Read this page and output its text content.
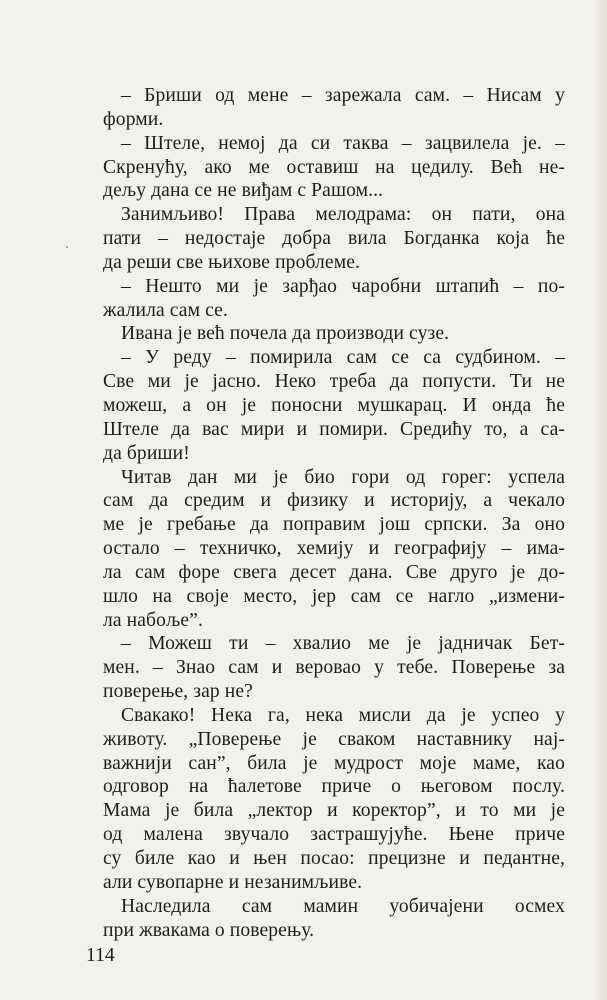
– Бриши од мене – зарежала сам. – Нисам у
форми.
– Штеле, немој да си таква – зацвилела је. –
Скренућу, ако ме оставиш на цедилу. Већ не-
дељу дана се не виђам с Рашом...
Занимљиво! Права мелодрама: он пати, она
пати – недостаје добра вила Богданка која ће
да реши све њихове проблеме.
– Нешто ми је зарђао чаробни штапић – по-
жалила сам се.
Ивана је већ почела да производи сузе.
– У реду – помирила сам се са судбином. –
Све ми је јасно. Неко треба да попусти. Ти не
можеш, а он је поносни мушкарац. И онда ће
Штеле да вас мири и помири. Средићу то, а са-
да бриши!
Читав дан ми је био гори од горег: успела
сам да средим и физику и историју, а чекало
ме је гребање да поправим још српски. За оно
остало – техничко, хемију и географију – има-
ла сам форе свега десет дана. Све друго је до-
шло на своје место, јер сам се нагло „измени-
ла набоље”.
– Можеш ти – хвалио ме је јадничак Бет-
мен. – Знао сам и веровао у тебе. Поверење за
поверење, зар не?
Свакако! Нека га, нека мисли да је успео у
животу. „Поверење је сваком наставнику нај-
важнији сан”, била је мудрост моје маме, као
одговор на ћалетове приче о његовом послу.
Мама је била „лектор и коректор”, и то ми је
од малена звучало застрашујуће. Њене приче
су биле као и њен посао: прецизне и педантне,
али сувопарне и незанимљиве.
Наследила сам мамин уобичајени осмех
при жвакама о поверењу.
114
